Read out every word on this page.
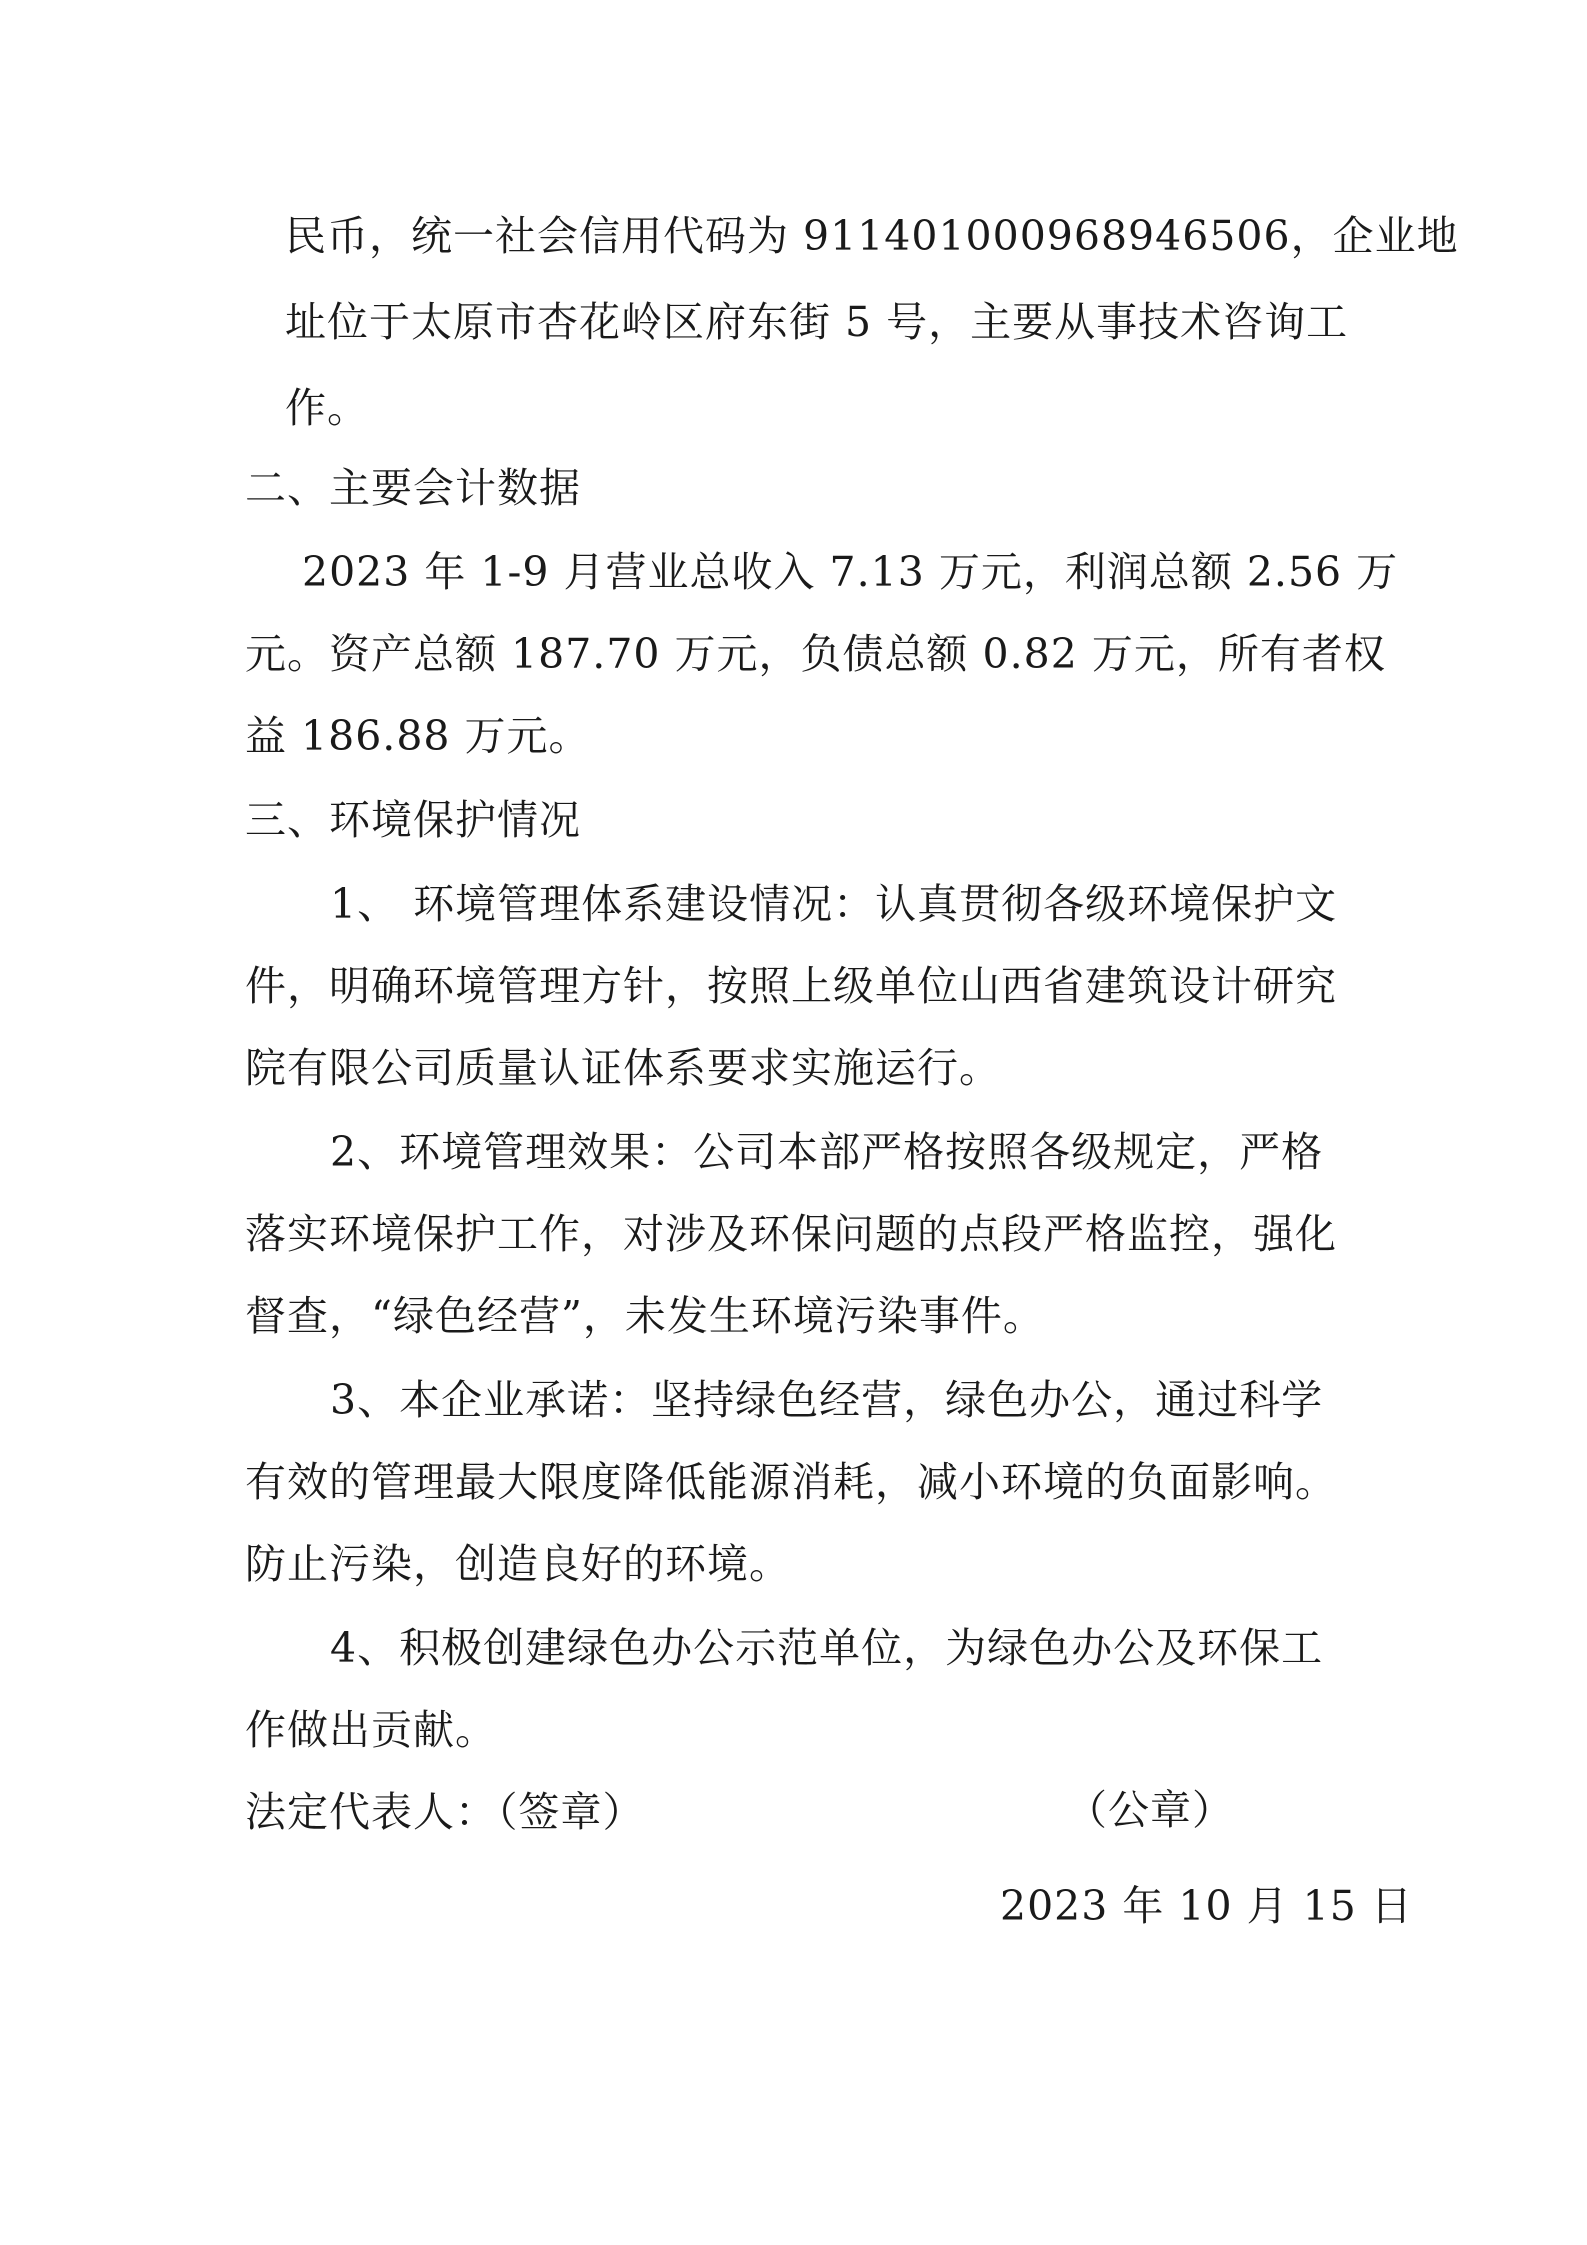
民币，统一社会信用代码为 911401000968946506，企业地
址位于太原市杏花岭区府东街 5 号，主要从事技术咨询工
作。
二、主要会计数据
2023 年 1-9 月营业总收入 7.13 万元，利润总额 2.56 万
元。资产总额 187.70 万元，负债总额 0.82 万元，所有者权
益 186.88 万元。
三、环境保护情况
1、 环境管理体系建设情况：认真贯彻各级环境保护文
件，明确环境管理方针，按照上级单位山西省建筑设计研究
院有限公司质量认证体系要求实施运行。
2、环境管理效果：公司本部严格按照各级规定，严格
落实环境保护工作，对涉及环保问题的点段严格监控，强化
督查，“绿色经营”，未发生环境污染事件。
3、本企业承诺：坚持绿色经营，绿色办公，通过科学
有效的管理最大限度降低能源消耗，减小环境的负面影响。
防止污染，创造良好的环境。
4、积极创建绿色办公示范单位，为绿色办公及环保工
作做出贡献。
法定代表人：（签章）	（公章）
2023 年 10 月 15 日
